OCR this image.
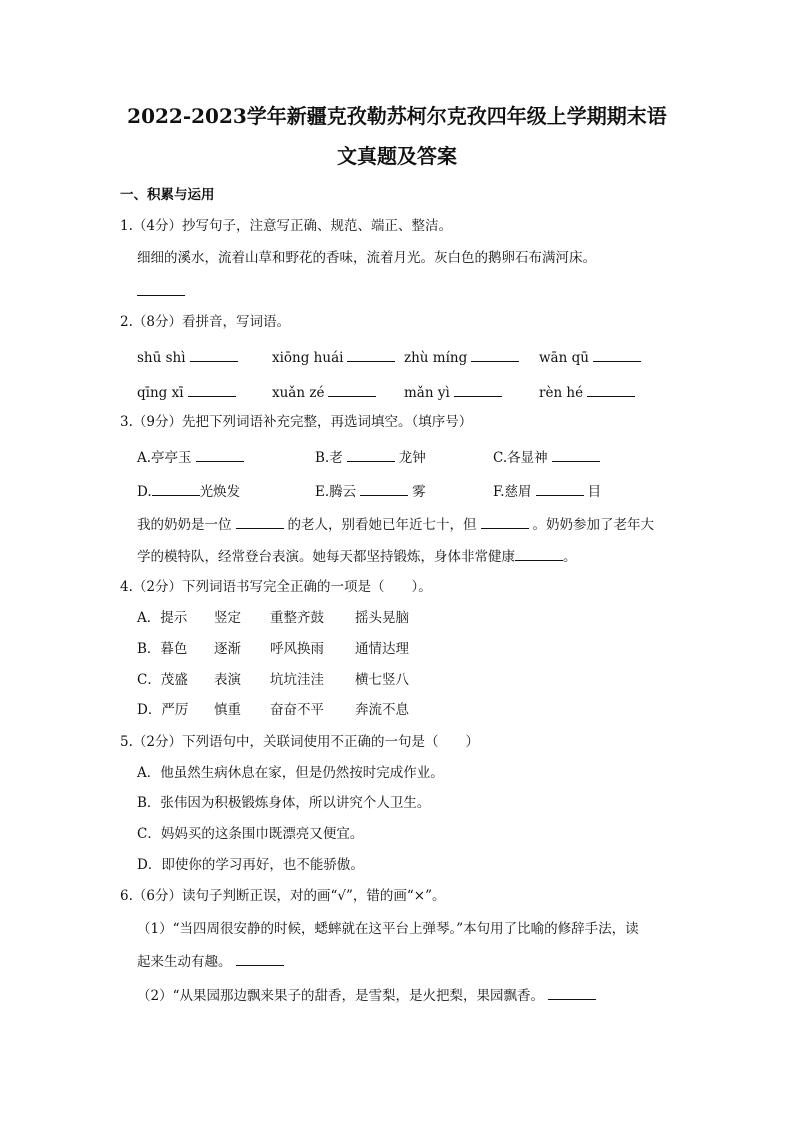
2022-2023学年新疆克孜勒苏柯尔克孜四年级上学期期末语
文真题及答案
一、积累与运用
1.（4分）抄写句子，注意写正确、规范、端正、整洁。
细细的溪水，流着山草和野花的香味，流着月光。灰白色的鹅卵石布满河床。
2.（8分）看拼音，写词语。
shū shì	xiōng huái	zhù míng	wān qū
qīng xī	xuǎn zé	mǎn yì	rèn hé
3.（9分）先把下列词语补充完整，再选词填空。（填序号）
A.亭亭玉	B.老	龙钟	C.各显神
D.	光焕发	E.腾云	雾	F.慈眉	目
我的奶奶是一位	的老人，别看她已年近七十，但	。奶奶参加了老年大
学的模特队，经常登台表演。她每天都坚持锻炼，身体非常健康	。
4.（2分）下列词语书写完全正确的一项是（　　）。
A．提示 竖定 重整齐鼓 摇头晃脑
B．暮色 逐渐 呼风换雨 通情达理
C．茂盛 表演 坑坑洼洼 横七竖八
D．严厉 慎重 奋奋不平 奔流不息
5.（2分）下列语句中，关联词使用不正确的一句是（　　）
A．他虽然生病休息在家，但是仍然按时完成作业。
B．张伟因为积极锻炼身体，所以讲究个人卫生。
C．妈妈买的这条围巾既漂亮又便宜。
D．即使你的学习再好，也不能骄傲。
6.（6分）读句子判断正误，对的画“√”，错的画“×”。
（1）“当四周很安静的时候，蟋蟀就在这平台上弹琴。”本句用了比喻的修辞手法，读
起来生动有趣。
（2）“从果园那边飘来果子的甜香，是雪梨，是火把梨，果园飘香。
